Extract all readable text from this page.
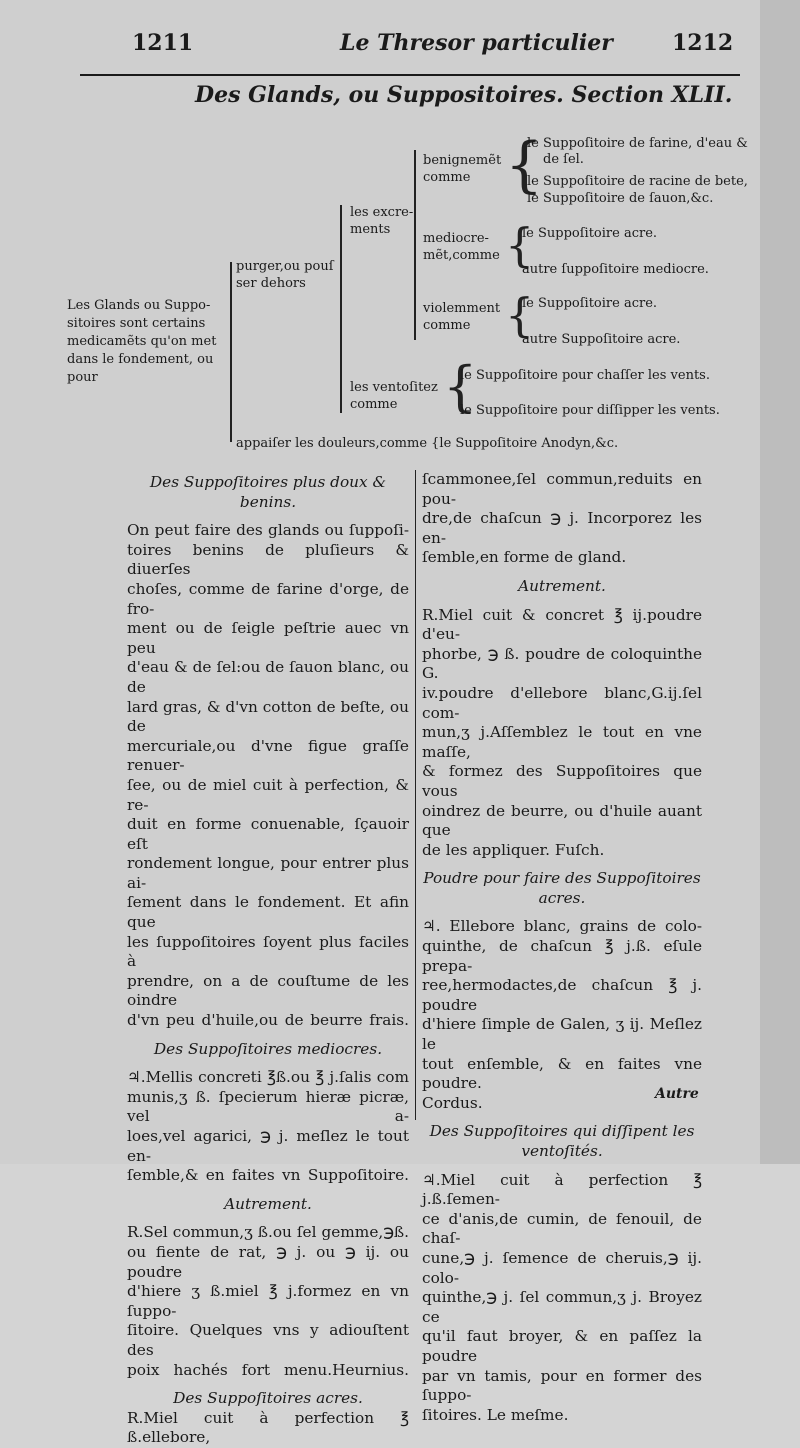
1211	Le Thresor particulier	1212
Des Glands, ou Suppositoires. Section XLII.
Les Glands ou Suppo-
sitoires sont certains
medicamẽts qu'on met
dans le fondement, ou
pour
purger,ou pouſ
ser dehors
les excre-
ments
benignemẽt
comme {
le Suppoſitoire de farine, d'eau &
de ſel.
le Suppoſitoire de racine de bete,
le Suppoſitoire de ſauon,&c.
mediocre-
mẽt,comme {
le Suppoſitoire acre.
autre ſuppoſitoire mediocre.
violemment
comme {
le Suppoſitoire acre.
autre Suppoſitoire acre.
les ventoſitez
comme {
le Suppoſitoire pour chaſſer les vents.
le Suppoſitoire pour diſſipper les vents.
appaiſer les douleurs,comme {le Suppoſitoire Anodyn,&c.
Des Suppoſitoires plus doux &
benins.
On peut faire des glands ou ſuppoſi-
toires benins de pluſieurs & diuerſes
choſes, comme de farine d'orge, de fro-
ment ou de ſeigle peſtrie auec vn peu
d'eau & de ſel:ou de ſauon blanc, ou de
lard gras, & d'vn cotton de beſte, ou de
mercuriale,ou d'vne figue graſſe renuer-
ſee, ou de miel cuit à perfection, & re-
duit en forme conuenable, ſçauoir eſt
rondement longue, pour entrer plus ai-
ſement dans le fondement. Et afin que
les ſuppoſitoires ſoyent plus faciles à
prendre, on a de couſtume de les oindre
d'vn peu d'huile,ou de beurre frais.
Des Suppoſitoires mediocres.
♃.Mellis concreti ℥ß.ou ℥ j.ſalis com
munis,ʒ ß. ſpecierum hieræ picræ, vel a-
loes,vel agarici, ℈ j. meſlez le tout en-
ſemble,& en faites vn Suppoſitoire.
Autrement.
R.Sel commun,ʒ ß.ou ſel gemme,℈ß.
ou fiente de rat, ℈ j. ou ℈ ij. ou poudre
d'hiere ʒ ß.miel ℥ j.formez en vn ſuppo-
ſitoire. Quelques vns y adiouſtent des
poix hachés fort menu.Heurnius.
Des Suppoſitoires acres.
R.Miel cuit à perfection ℥ ß.ellebore,
ſcammonee,ſel commun,reduits en pou-
dre,de chaſcun ℈ j. Incorporez les en-
ſemble,en forme de gland.
Autrement.
R.Miel cuit & concret ℥ ij.poudre d'eu-
phorbe, ℈ ß. poudre de coloquinthe G.
iv.poudre d'ellebore blanc,G.ij.ſel com-
mun,ʒ j.Aſſemblez le tout en vne maſſe,
& formez des Suppoſitoires que vous
oindrez de beurre, ou d'huile auant que
de les appliquer. Fuſch.
Poudre pour faire des Suppoſitoires
acres.
♃. Ellebore blanc, grains de colo-
quinthe, de chaſcun ℥ j.ß. eſule prepa-
ree,hermodactes,de chaſcun ℥ j. poudre
d'hiere ſimple de Galen, ʒ ij. Meſlez le
tout enſemble, & en faites vne poudre.
Cordus.
Des Suppoſitoires qui diſſipent les
ventoſités.
♃.Miel cuit à perfection ℥ j.ß.ſemen-
ce d'anis,de cumin, de fenouil, de chaſ-
cune,℈ j. ſemence de cheruis,℈ ij. colo-
quinthe,℈ j. ſel commun,ʒ j. Broyez ce
qu'il faut broyer, & en paſſez la poudre
par vn tamis, pour en former des ſuppo-
ſitoires. Le meſme.
Autre
